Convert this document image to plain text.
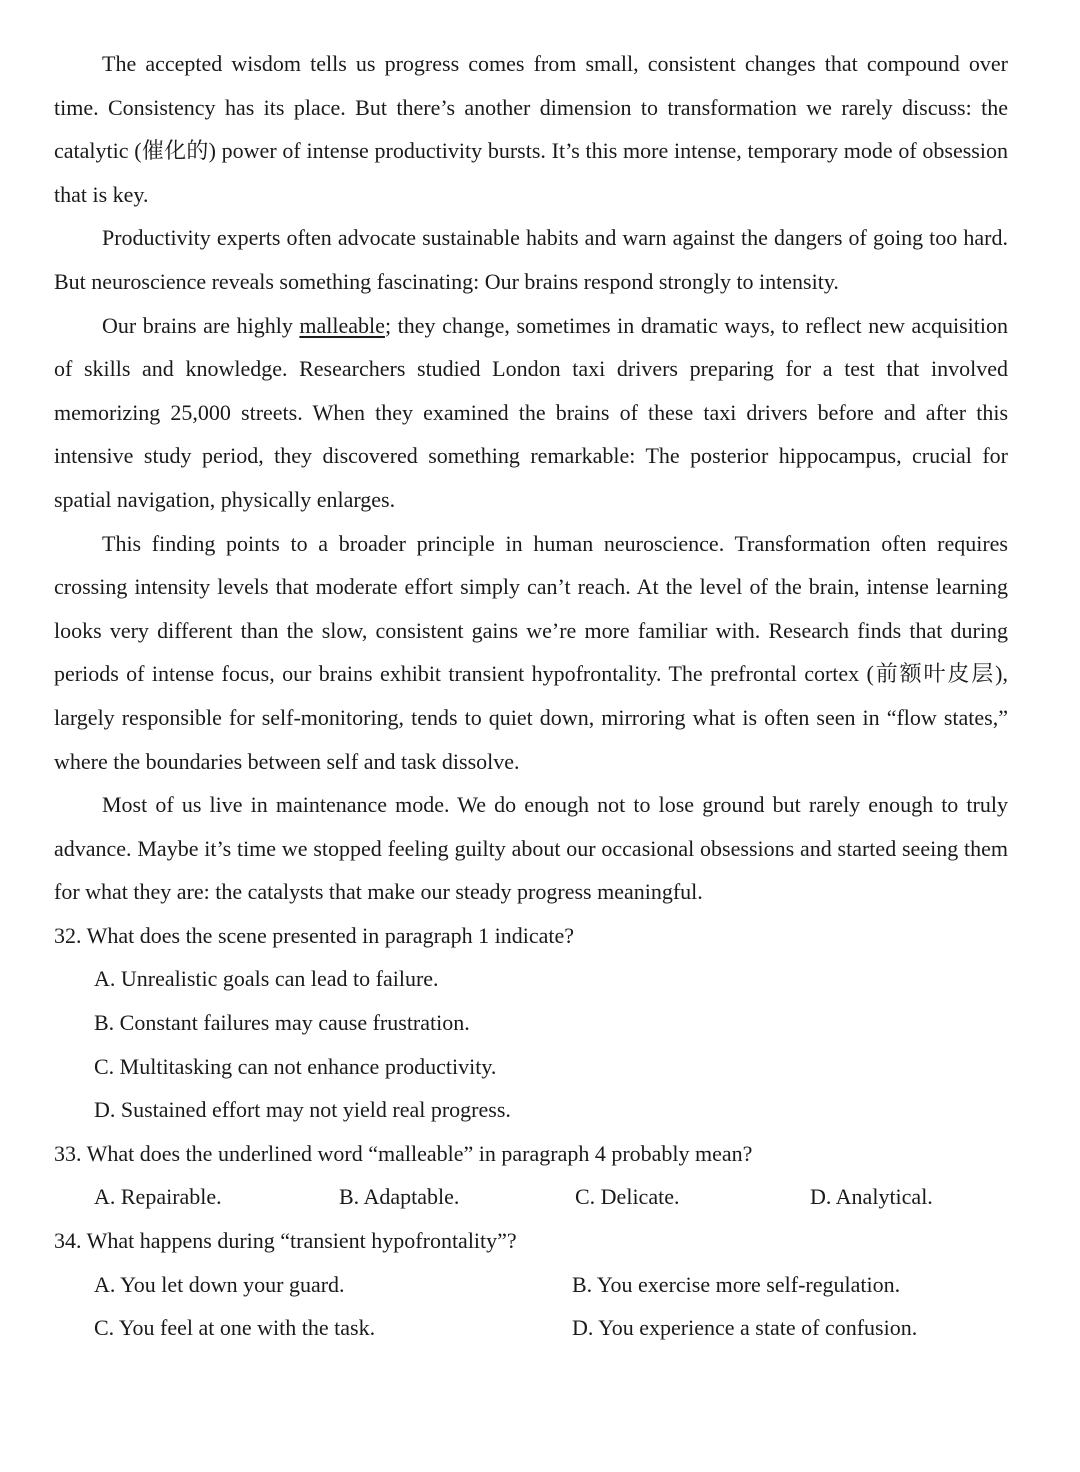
The accepted wisdom tells us progress comes from small, consistent changes that compound over time. Consistency has its place. But there’s another dimension to transformation we rarely discuss: the catalytic (催化的) power of intense productivity bursts. It’s this more intense, temporary mode of obsession that is key.

Productivity experts often advocate sustainable habits and warn against the dangers of going too hard. But neuroscience reveals something fascinating: Our brains respond strongly to intensity.

Our brains are highly malleable; they change, sometimes in dramatic ways, to reflect new acquisition of skills and knowledge. Researchers studied London taxi drivers preparing for a test that involved memorizing 25,000 streets. When they examined the brains of these taxi drivers before and after this intensive study period, they discovered something remarkable: The posterior hippocampus, crucial for spatial navigation, physically enlarges.

This finding points to a broader principle in human neuroscience. Transformation often requires crossing intensity levels that moderate effort simply can’t reach. At the level of the brain, intense learning looks very different than the slow, consistent gains we’re more familiar with. Research finds that during periods of intense focus, our brains exhibit transient hypofrontality. The prefrontal cortex (前额叶皮层), largely responsible for self-monitoring, tends to quiet down, mirroring what is often seen in “flow states,” where the boundaries between self and task dissolve.

Most of us live in maintenance mode. We do enough not to lose ground but rarely enough to truly advance. Maybe it’s time we stopped feeling guilty about our occasional obsessions and started seeing them for what they are: the catalysts that make our steady progress meaningful.

32. What does the scene presented in paragraph 1 indicate?
A. Unrealistic goals can lead to failure.
B. Constant failures may cause frustration.
C. Multitasking can not enhance productivity.
D. Sustained effort may not yield real progress.
33. What does the underlined word “malleable” in paragraph 4 probably mean?
A. Repairable.	B. Adaptable.	C. Delicate.	D. Analytical.
34. What happens during “transient hypofrontality”?
A. You let down your guard.	B. You exercise more self-regulation.
C. You feel at one with the task.	D. You experience a state of confusion.
